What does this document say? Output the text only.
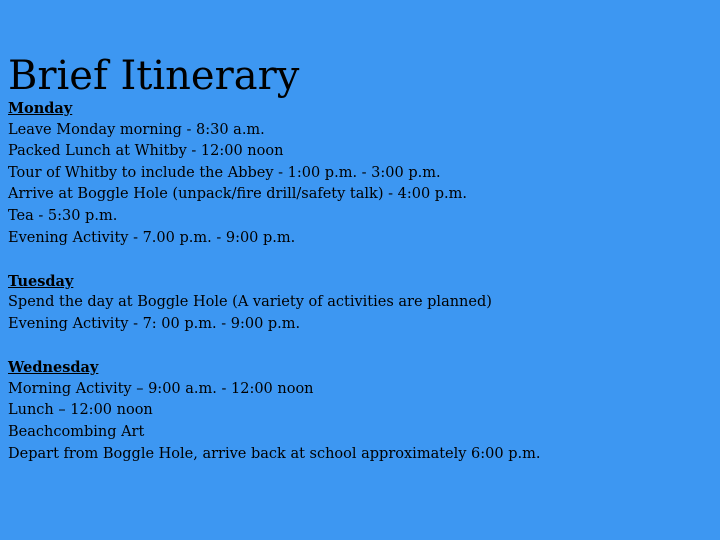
Brief Itinerary
Monday
Leave Monday morning - 8:30 a.m.
Packed Lunch at Whitby - 12:00 noon
Tour of Whitby to include the Abbey - 1:00 p.m. - 3:00 p.m.
Arrive at Boggle Hole (unpack/fire drill/safety talk) - 4:00 p.m.
Tea - 5:30 p.m.
Evening Activity - 7.00 p.m. - 9:00 p.m.
Tuesday
Spend the day at Boggle Hole (A variety of activities are planned)
Evening Activity - 7: 00 p.m. - 9:00 p.m.
Wednesday
Morning Activity – 9:00 a.m. - 12:00 noon
Lunch – 12:00 noon
Beachcombing Art
Depart from Boggle Hole, arrive back at school approximately 6:00 p.m.
